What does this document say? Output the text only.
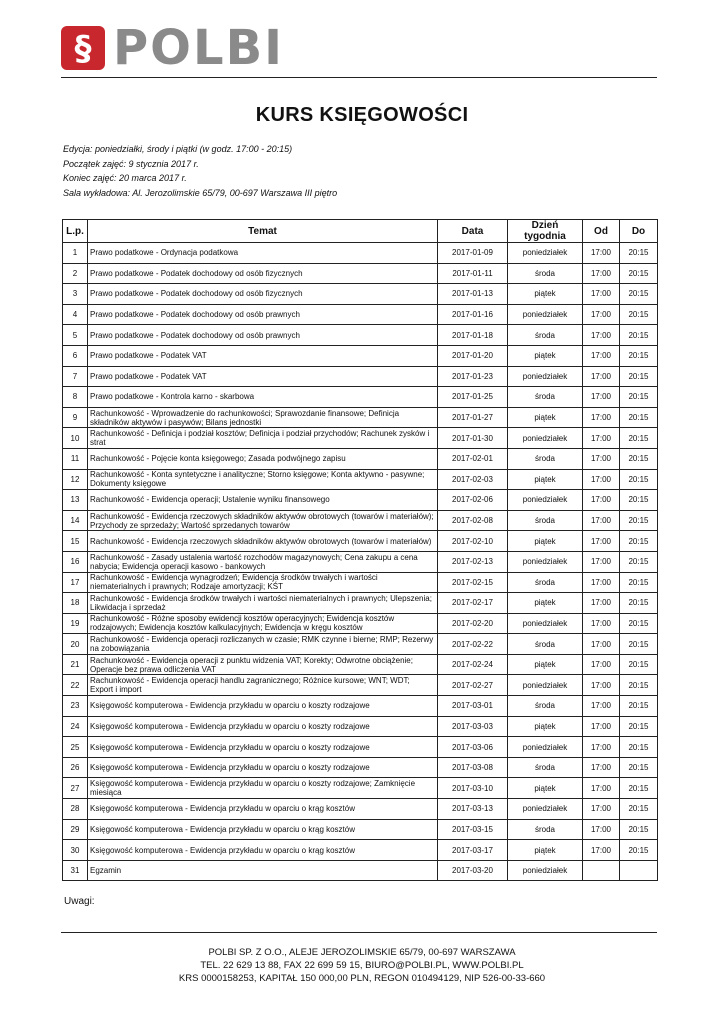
§ POLBI
KURS KSIĘGOWOŚCI
Edycja: poniedziałki, środy i piątki (w godz. 17:00 - 20:15)
Początek zajęć: 9 stycznia 2017 r.
Koniec zajęć: 20 marca 2017 r.
Sala wykładowa: Al. Jerozolimskie 65/79, 00-697 Warszawa III piętro
L.p.	Temat	Data	Dzień tygodnia	Od	Do
1	Prawo podatkowe - Ordynacja podatkowa	2017-01-09	poniedziałek	17:00	20:15
2	Prawo podatkowe - Podatek dochodowy od osób fizycznych	2017-01-11	środa	17:00	20:15
3	Prawo podatkowe - Podatek dochodowy od osób fizycznych	2017-01-13	piątek	17:00	20:15
4	Prawo podatkowe - Podatek dochodowy od osób prawnych	2017-01-16	poniedziałek	17:00	20:15
5	Prawo podatkowe - Podatek dochodowy od osób prawnych	2017-01-18	środa	17:00	20:15
6	Prawo podatkowe - Podatek VAT	2017-01-20	piątek	17:00	20:15
7	Prawo podatkowe - Podatek VAT	2017-01-23	poniedziałek	17:00	20:15
8	Prawo podatkowe - Kontrola karno - skarbowa	2017-01-25	środa	17:00	20:15
9	Rachunkowość - Wprowadzenie do rachunkowości; Sprawozdanie finansowe; Definicja składników aktywów i pasywów; Bilans jednostki	2017-01-27	piątek	17:00	20:15
10	Rachunkowość - Definicja i podział kosztów; Definicja i podział przychodów; Rachunek zysków i strat	2017-01-30	poniedziałek	17:00	20:15
11	Rachunkowość - Pojęcie konta księgowego; Zasada podwójnego zapisu	2017-02-01	środa	17:00	20:15
12	Rachunkowość - Konta syntetyczne i analityczne; Storno księgowe; Konta aktywno - pasywne; Dokumenty księgowe	2017-02-03	piątek	17:00	20:15
13	Rachunkowość - Ewidencja operacji; Ustalenie wyniku finansowego	2017-02-06	poniedziałek	17:00	20:15
14	Rachunkowość - Ewidencja rzeczowych składników aktywów obrotowych (towarów i materiałów); Przychody ze sprzedaży; Wartość sprzedanych towarów	2017-02-08	środa	17:00	20:15
15	Rachunkowość - Ewidencja rzeczowych składników aktywów obrotowych (towarów i materiałów)	2017-02-10	piątek	17:00	20:15
16	Rachunkowość - Zasady ustalenia wartość rozchodów magazynowych; Cena zakupu a cena nabycia; Ewidencja operacji kasowo - bankowych	2017-02-13	poniedziałek	17:00	20:15
17	Rachunkowość - Ewidencja wynagrodzeń; Ewidencja środków trwałych i wartości niematerialnych i prawnych; Rodzaje amortyzacji; KŚT	2017-02-15	środa	17:00	20:15
18	Rachunkowość - Ewidencja środków trwałych i wartości niematerialnych i prawnych; Ulepszenia; Likwidacja i sprzedaż	2017-02-17	piątek	17:00	20:15
19	Rachunkowość - Różne sposoby ewidencji kosztów operacyjnych; Ewidencja kosztów rodzajowych; Ewidencja kosztów kalkulacyjnych; Ewidencja w kręgu kosztów	2017-02-20	poniedziałek	17:00	20:15
20	Rachunkowość - Ewidencja operacji rozliczanych w czasie; RMK czynne i bierne; RMP; Rezerwy na zobowiązania	2017-02-22	środa	17:00	20:15
21	Rachunkowość - Ewidencja operacji z punktu widzenia VAT; Korekty; Odwrotne obciążenie; Operacje bez prawa odliczenia VAT	2017-02-24	piątek	17:00	20:15
22	Rachunkowość - Ewidencja operacji handlu zagranicznego; Różnice kursowe; WNT; WDT; Export i import	2017-02-27	poniedziałek	17:00	20:15
23	Księgowość komputerowa - Ewidencja przykładu w oparciu o koszty rodzajowe	2017-03-01	środa	17:00	20:15
24	Księgowość komputerowa - Ewidencja przykładu w oparciu o koszty rodzajowe	2017-03-03	piątek	17:00	20:15
25	Księgowość komputerowa - Ewidencja przykładu w oparciu o koszty rodzajowe	2017-03-06	poniedziałek	17:00	20:15
26	Księgowość komputerowa - Ewidencja przykładu w oparciu o koszty rodzajowe	2017-03-08	środa	17:00	20:15
27	Księgowość komputerowa - Ewidencja przykładu w oparciu o koszty rodzajowe; Zamknięcie miesiąca	2017-03-10	piątek	17:00	20:15
28	Księgowość komputerowa - Ewidencja przykładu w oparciu o krąg kosztów	2017-03-13	poniedziałek	17:00	20:15
29	Księgowość komputerowa - Ewidencja przykładu w oparciu o krąg kosztów	2017-03-15	środa	17:00	20:15
30	Księgowość komputerowa - Ewidencja przykładu w oparciu o krąg kosztów	2017-03-17	piątek	17:00	20:15
31	Egzamin	2017-03-20	poniedziałek		
Uwagi:
POLBI SP. Z O.O., ALEJE JEROZOLIMSKIE 65/79, 00-697 WARSZAWA
TEL. 22 629 13 88, FAX 22 699 59 15, BIURO@POLBI.PL, WWW.POLBI.PL
KRS 0000158253, KAPITAŁ 150 000,00 PLN, REGON 010494129, NIP 526-00-33-660
